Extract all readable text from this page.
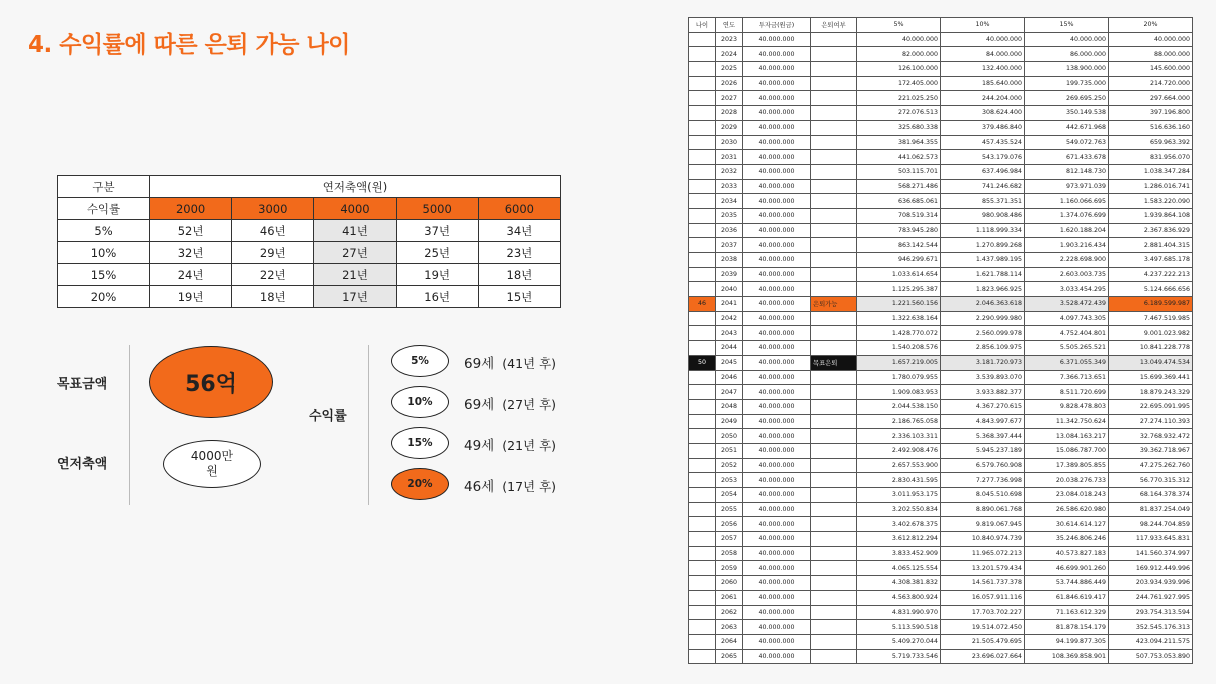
4. 수익률에 따른 은퇴 가능 나이
구분	연저축액(원)				
수익률	2000	3000	4000	5000	6000
5%	52년	46년	41년	37년	34년
10%	32년	29년	27년	25년	23년
15%	24년	22년	21년	19년	18년
20%	19년	18년	17년	16년	15년
목표금액
연저축액
56억
4000만
원
수익률
5%	69세 (41년 후)
10%	69세 (27년 후)
15%	49세 (21년 후)
20%	46세 (17년 후)
나이	연도	투자금(원금)	은퇴여부	5%	10%	15%	20%
	2023	40.000.000		40.000.000	40.000.000	40.000.000	40.000.000
	2024	40.000.000		82.000.000	84.000.000	86.000.000	88.000.000
	2025	40.000.000		126.100.000	132.400.000	138.900.000	145.600.000
	2026	40.000.000		172.405.000	185.640.000	199.735.000	214.720.000
	2027	40.000.000		221.025.250	244.204.000	269.695.250	297.664.000
	2028	40.000.000		272.076.513	308.624.400	350.149.538	397.196.800
	2029	40.000.000		325.680.338	379.486.840	442.671.968	516.636.160
	2030	40.000.000		381.964.355	457.435.524	549.072.763	659.963.392
	2031	40.000.000		441.062.573	543.179.076	671.433.678	831.956.070
	2032	40.000.000		503.115.701	637.496.984	812.148.730	1.038.347.284
	2033	40.000.000		568.271.486	741.246.682	973.971.039	1.286.016.741
	2034	40.000.000		636.685.061	855.371.351	1.160.066.695	1.583.220.090
	2035	40.000.000		708.519.314	980.908.486	1.374.076.699	1.939.864.108
	2036	40.000.000		783.945.280	1.118.999.334	1.620.188.204	2.367.836.929
	2037	40.000.000		863.142.544	1.270.899.268	1.903.216.434	2.881.404.315
	2038	40.000.000		946.299.671	1.437.989.195	2.228.698.900	3.497.685.178
	2039	40.000.000		1.033.614.654	1.621.788.114	2.603.003.735	4.237.222.213
	2040	40.000.000		1.125.295.387	1.823.966.925	3.033.454.295	5.124.666.656
46	2041	40.000.000	은퇴가능	1.221.560.156	2.046.363.618	3.528.472.439	6.189.599.987
	2042	40.000.000		1.322.638.164	2.290.999.980	4.097.743.305	7.467.519.985
	2043	40.000.000		1.428.770.072	2.560.099.978	4.752.404.801	9.001.023.982
	2044	40.000.000		1.540.208.576	2.856.109.975	5.505.265.521	10.841.228.778
50	2045	40.000.000	목표은퇴	1.657.219.005	3.181.720.973	6.371.055.349	13.049.474.534
	2046	40.000.000		1.780.079.955	3.539.893.070	7.366.713.651	15.699.369.441
	2047	40.000.000		1.909.083.953	3.933.882.377	8.511.720.699	18.879.243.329
	2048	40.000.000		2.044.538.150	4.367.270.615	9.828.478.803	22.695.091.995
	2049	40.000.000		2.186.765.058	4.843.997.677	11.342.750.624	27.274.110.393
	2050	40.000.000		2.336.103.311	5.368.397.444	13.084.163.217	32.768.932.472
	2051	40.000.000		2.492.908.476	5.945.237.189	15.086.787.700	39.362.718.967
	2052	40.000.000		2.657.553.900	6.579.760.908	17.389.805.855	47.275.262.760
	2053	40.000.000		2.830.431.595	7.277.736.998	20.038.276.733	56.770.315.312
	2054	40.000.000		3.011.953.175	8.045.510.698	23.084.018.243	68.164.378.374
	2055	40.000.000		3.202.550.834	8.890.061.768	26.586.620.980	81.837.254.049
	2056	40.000.000		3.402.678.375	9.819.067.945	30.614.614.127	98.244.704.859
	2057	40.000.000		3.612.812.294	10.840.974.739	35.246.806.246	117.933.645.831
	2058	40.000.000		3.833.452.909	11.965.072.213	40.573.827.183	141.560.374.997
	2059	40.000.000		4.065.125.554	13.201.579.434	46.699.901.260	169.912.449.996
	2060	40.000.000		4.308.381.832	14.561.737.378	53.744.886.449	203.934.939.996
	2061	40.000.000		4.563.800.924	16.057.911.116	61.846.619.417	244.761.927.995
	2062	40.000.000		4.831.990.970	17.703.702.227	71.163.612.329	293.754.313.594
	2063	40.000.000		5.113.590.518	19.514.072.450	81.878.154.179	352.545.176.313
	2064	40.000.000		5.409.270.044	21.505.479.695	94.199.877.305	423.094.211.575
	2065	40.000.000		5.719.733.546	23.696.027.664	108.369.858.901	507.753.053.890
